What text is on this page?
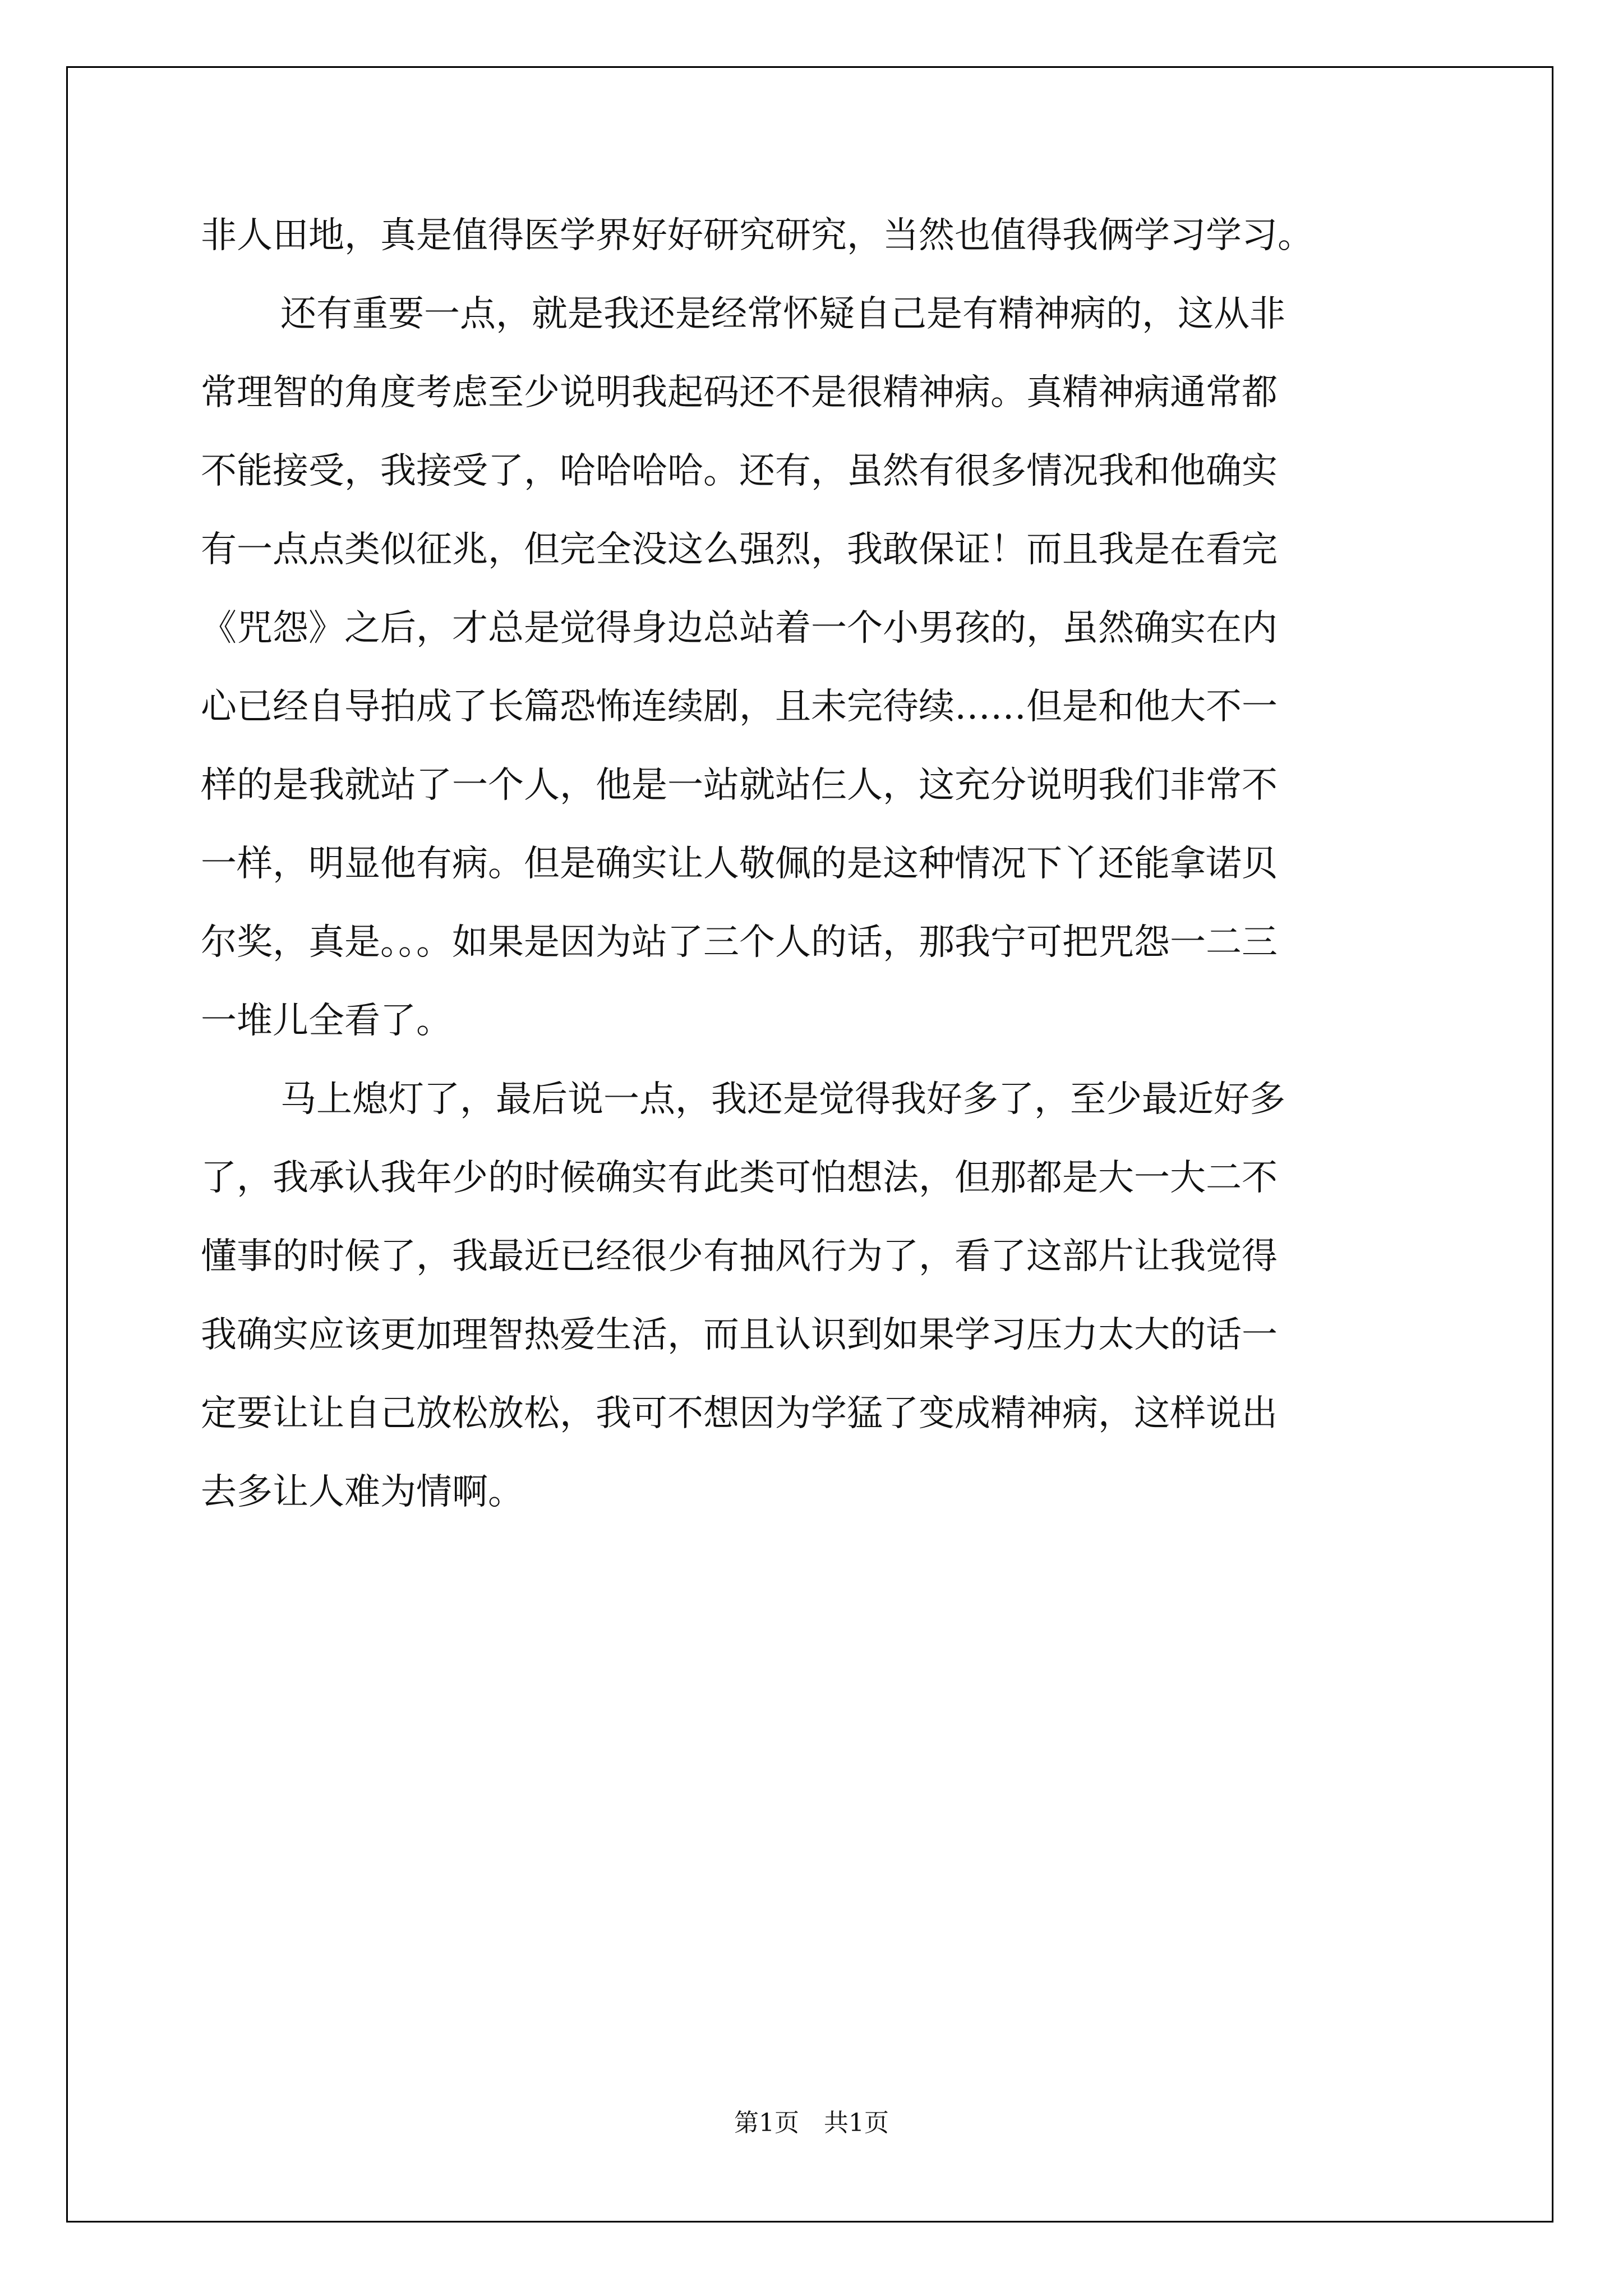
非人田地，真是值得医学界好好研究研究，当然也值得我俩学习学习。
还有重要一点，就是我还是经常怀疑自己是有精神病的，这从非
常理智的角度考虑至少说明我起码还不是很精神病。真精神病通常都
不能接受，我接受了，哈哈哈哈。还有，虽然有很多情况我和他确实
有一点点类似征兆，但完全没这么强烈，我敢保证！而且我是在看完
《咒怨》之后，才总是觉得身边总站着一个小男孩的，虽然确实在内
心已经自导拍成了长篇恐怖连续剧，且未完待续……但是和他大不一
样的是我就站了一个人，他是一站就站仨人，这充分说明我们非常不
一样，明显他有病。但是确实让人敬佩的是这种情况下丫还能拿诺贝
尔奖，真是。。。如果是因为站了三个人的话，那我宁可把咒怨一二三
一堆儿全看了。
马上熄灯了，最后说一点，我还是觉得我好多了，至少最近好多
了，我承认我年少的时候确实有此类可怕想法，但那都是大一大二不
懂事的时候了，我最近已经很少有抽风行为了，看了这部片让我觉得
我确实应该更加理智热爱生活，而且认识到如果学习压力太大的话一
定要让让自己放松放松，我可不想因为学猛了变成精神病，这样说出
去多让人难为情啊。
第1页 共1页
